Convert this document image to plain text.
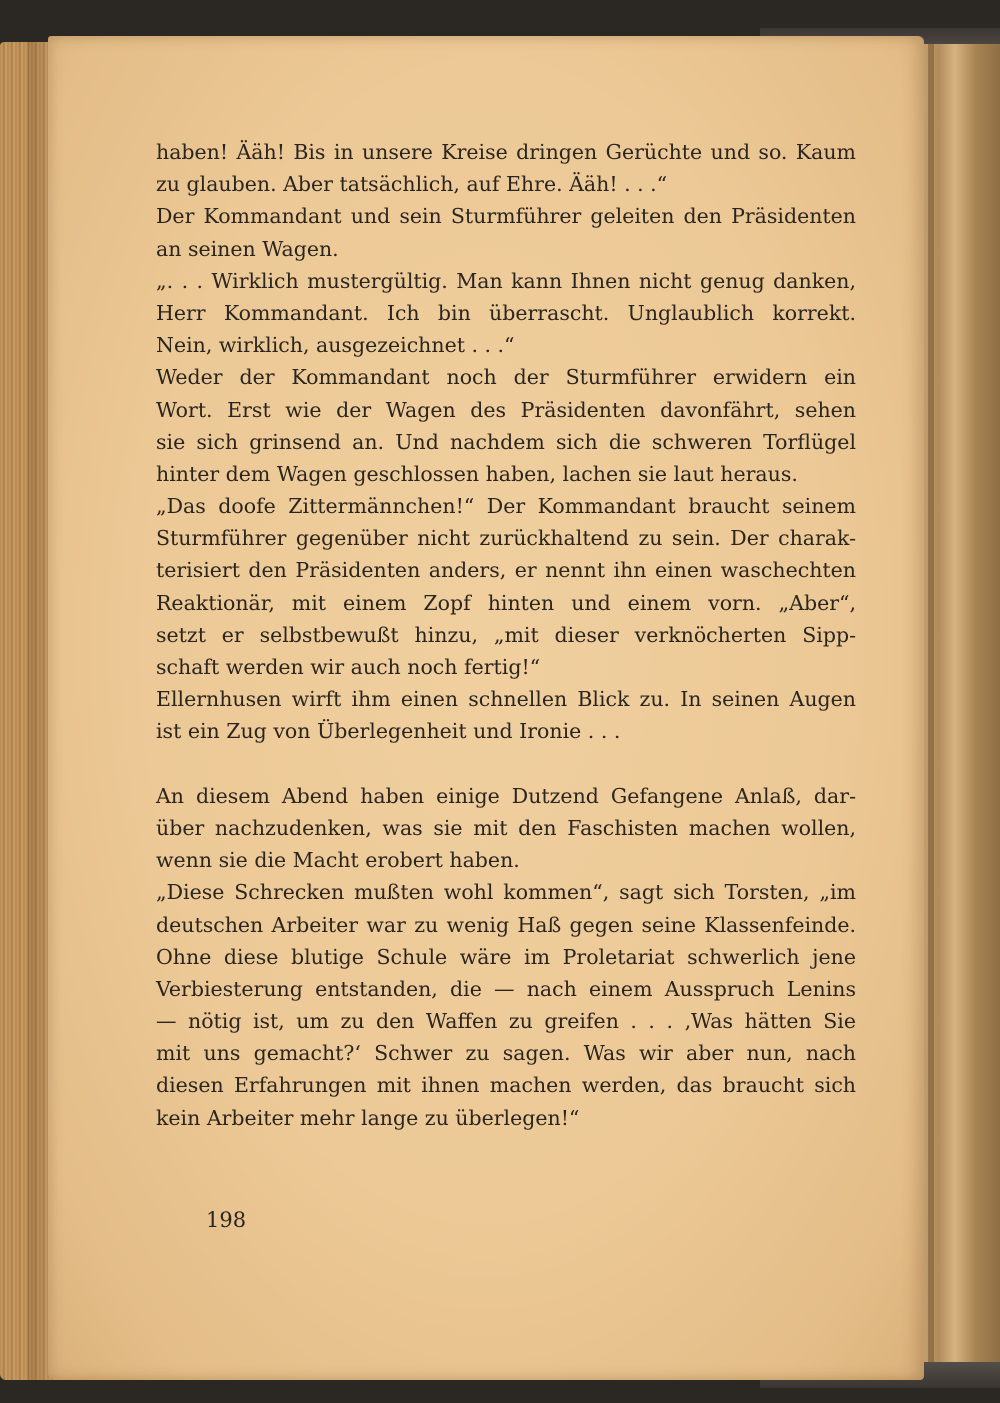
haben! Ääh! Bis in unsere Kreise dringen Gerüchte und so. Kaum
zu glauben. Aber tatsächlich, auf Ehre. Ääh! . . .“
Der Kommandant und sein Sturmführer geleiten den Präsidenten
an seinen Wagen.
„. . . Wirklich mustergültig. Man kann Ihnen nicht genug danken,
Herr Kommandant. Ich bin überrascht. Unglaublich korrekt.
Nein, wirklich, ausgezeichnet . . .“
Weder der Kommandant noch der Sturmführer erwidern ein
Wort. Erst wie der Wagen des Präsidenten davonfährt, sehen
sie sich grinsend an. Und nachdem sich die schweren Torflügel
hinter dem Wagen geschlossen haben, lachen sie laut heraus.
„Das doofe Zittermännchen!“ Der Kommandant braucht seinem
Sturmführer gegenüber nicht zurückhaltend zu sein. Der charak-
terisiert den Präsidenten anders, er nennt ihn einen waschechten
Reaktionär, mit einem Zopf hinten und einem vorn. „Aber“,
setzt er selbstbewußt hinzu, „mit dieser verknöcherten Sipp-
schaft werden wir auch noch fertig!“
Ellernhusen wirft ihm einen schnellen Blick zu. In seinen Augen
ist ein Zug von Überlegenheit und Ironie . . .
An diesem Abend haben einige Dutzend Gefangene Anlaß, dar-
über nachzudenken, was sie mit den Faschisten machen wollen,
wenn sie die Macht erobert haben.
„Diese Schrecken mußten wohl kommen“, sagt sich Torsten, „im
deutschen Arbeiter war zu wenig Haß gegen seine Klassenfeinde.
Ohne diese blutige Schule wäre im Proletariat schwerlich jene
Verbiesterung entstanden, die — nach einem Ausspruch Lenins
— nötig ist, um zu den Waffen zu greifen . . . ‚Was hätten Sie
mit uns gemacht?‘ Schwer zu sagen. Was wir aber nun, nach
diesen Erfahrungen mit ihnen machen werden, das braucht sich
kein Arbeiter mehr lange zu überlegen!“
198
